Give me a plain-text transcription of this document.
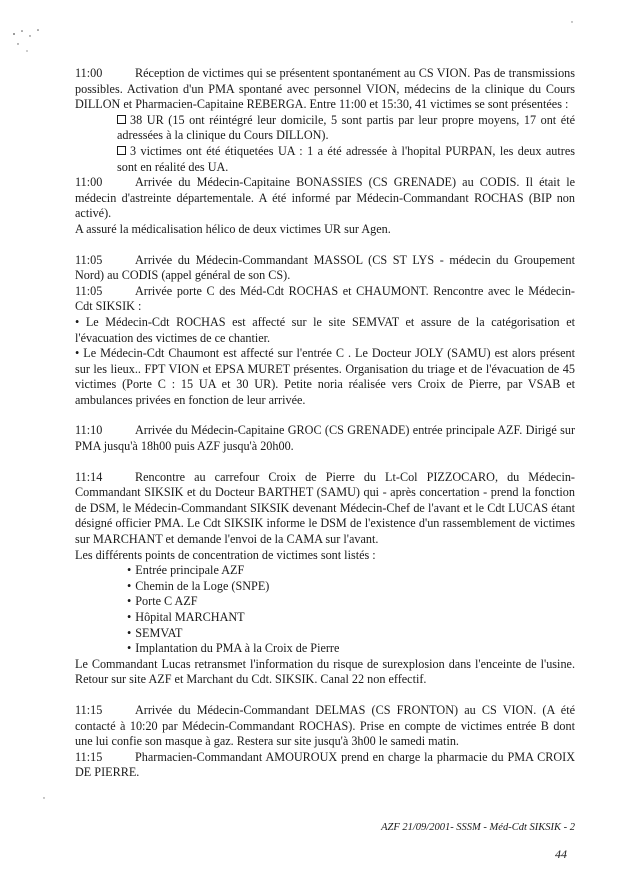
11:00	Réception de victimes qui se présentent spontanément au CS VION. Pas de transmissions possibles. Activation d'un PMA spontané avec personnel VION, médecins de la clinique du Cours DILLON et Pharmacien-Capitaine REBERGA. Entre 11:00 et 15:30, 41 victimes se sont présentées :
38 UR (15 ont réintégré leur domicile, 5 sont partis par leur propre moyens, 17 ont été adressées à la clinique du Cours DILLON).
3 victimes ont été étiquetées UA : 1 a été adressée à l'hopital PURPAN, les deux autres sont en réalité des UA.
11:00	Arrivée du Médecin-Capitaine BONASSIES (CS GRENADE) au CODIS. Il était le médecin d'astreinte départementale. A été informé par Médecin-Commandant ROCHAS (BIP non activé).
A assuré la médicalisation hélico de deux victimes UR sur Agen.
11:05	Arrivée du Médecin-Commandant MASSOL (CS ST LYS - médecin du Groupement Nord) au CODIS (appel général de son CS).
11:05	Arrivée porte C des Méd-Cdt ROCHAS et CHAUMONT. Rencontre avec le Médecin-Cdt SIKSIK :
• Le Médecin-Cdt ROCHAS est affecté sur le site SEMVAT et assure de la catégorisation et l'évacuation des victimes de ce chantier.
• Le Médecin-Cdt Chaumont est affecté sur l'entrée C . Le Docteur JOLY (SAMU) est alors présent sur les lieux.. FPT VION et EPSA MURET présentes. Organisation du triage et de l'évacuation de 45 victimes (Porte C : 15 UA et 30 UR). Petite noria réalisée vers Croix de Pierre, par VSAB et ambulances privées en fonction de leur arrivée.
11:10	Arrivée du Médecin-Capitaine GROC (CS GRENADE) entrée principale AZF. Dirigé sur PMA jusqu'à 18h00 puis AZF jusqu'à 20h00.
11:14	Rencontre au carrefour Croix de Pierre du Lt-Col PIZZOCARO, du Médecin-Commandant SIKSIK et du Docteur BARTHET (SAMU) qui - après concertation - prend la fonction de DSM, le Médecin-Commandant SIKSIK devenant Médecin-Chef de l'avant et le Cdt LUCAS étant désigné officier PMA. Le Cdt SIKSIK informe le DSM de l'existence d'un rassemblement de victimes sur MARCHANT et demande l'envoi de la CAMA sur l'avant.
Les différents points de concentration de victimes sont listés :
• Entrée principale AZF
• Chemin de la Loge (SNPE)
• Porte C AZF
• Hôpital MARCHANT
• SEMVAT
• Implantation du PMA à la Croix de Pierre
Le Commandant Lucas retransmet l'information du risque de surexplosion dans l'enceinte de l'usine. Retour sur site AZF et Marchant du Cdt. SIKSIK. Canal 22 non effectif.
11:15	Arrivée du Médecin-Commandant DELMAS (CS FRONTON) au CS VION. (A été contacté à 10:20 par Médecin-Commandant ROCHAS). Prise en compte de victimes entrée B dont une lui confie son masque à gaz. Restera sur site jusqu'à 3h00 le samedi matin.
11:15	Pharmacien-Commandant AMOUROUX prend en charge la pharmacie du PMA CROIX DE PIERRE.
AZF 21/09/2001- SSSM - Méd-Cdt SIKSIK - 2
44
